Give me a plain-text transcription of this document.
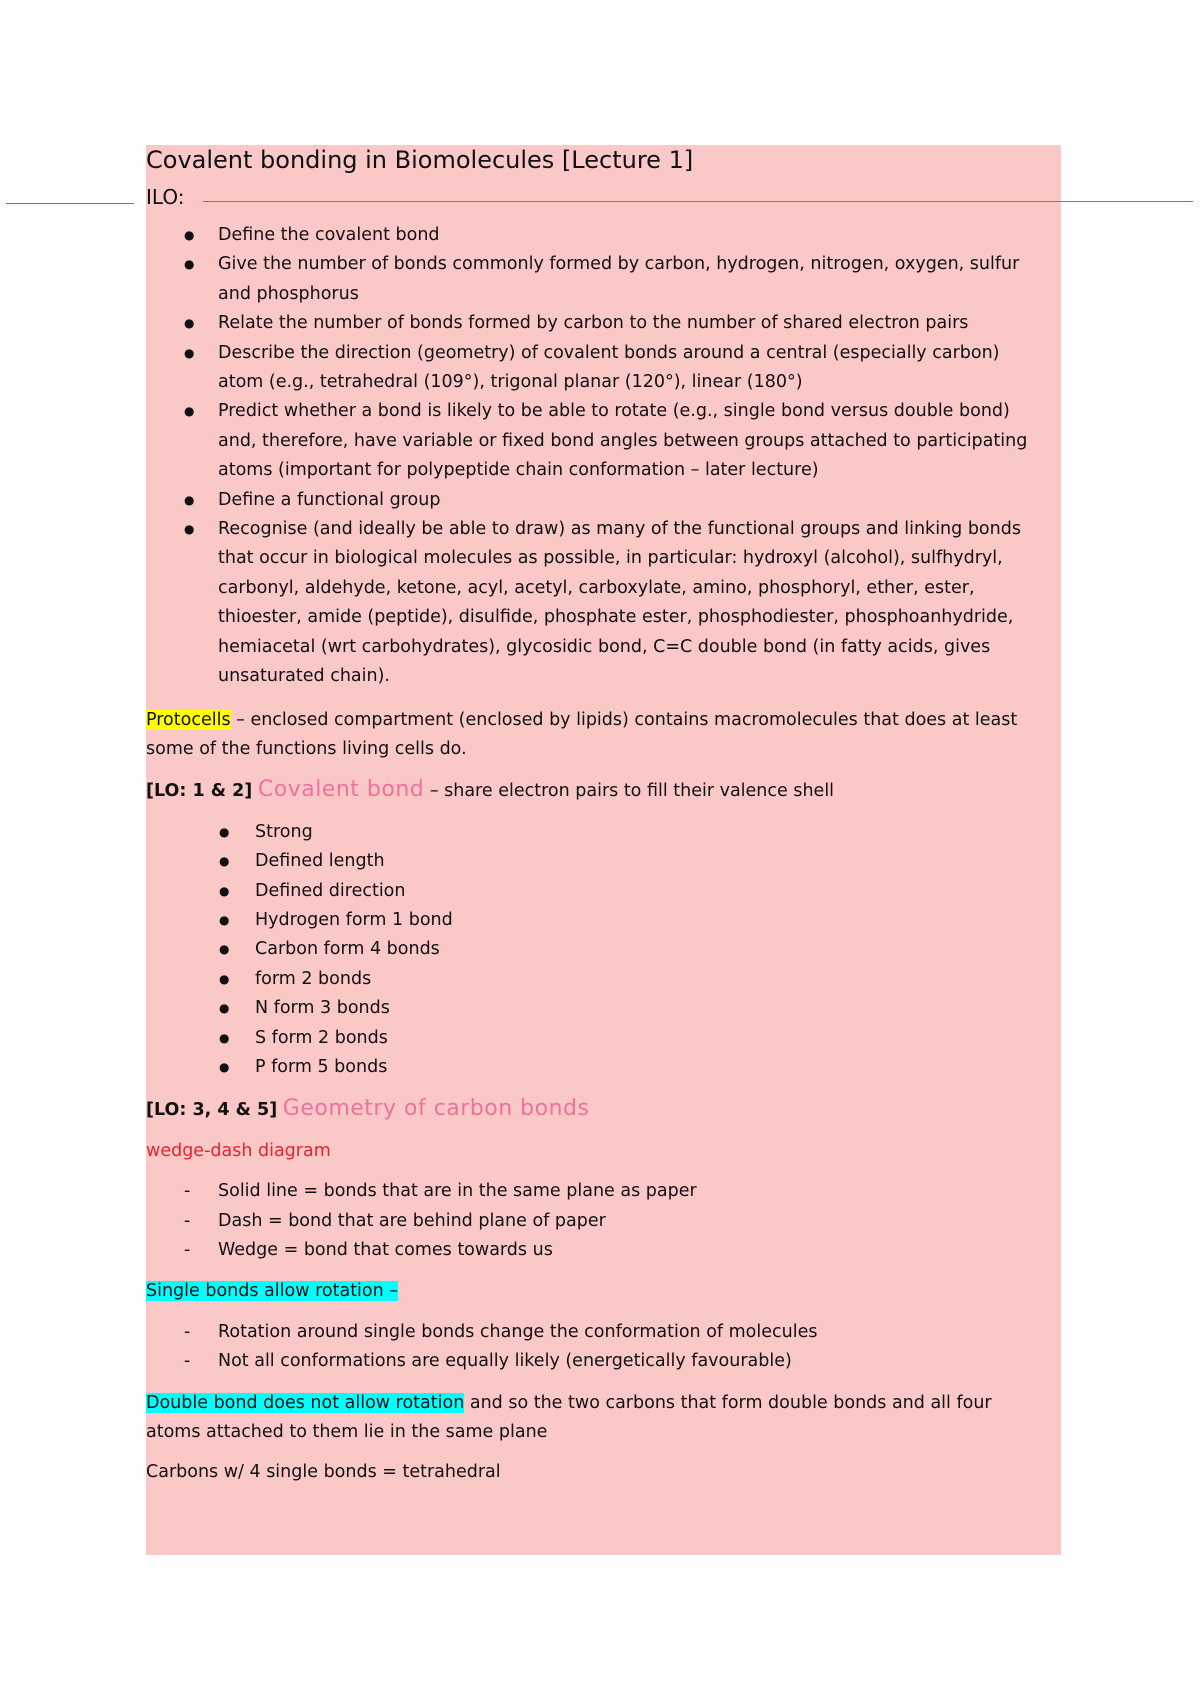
Covalent bonding in Biomolecules [Lecture 1]
ILO:
● Define the covalent bond
● Give the number of bonds commonly formed by carbon, hydrogen, nitrogen, oxygen, sulfur and phosphorus
● Relate the number of bonds formed by carbon to the number of shared electron pairs
● Describe the direction (geometry) of covalent bonds around a central (especially carbon) atom (e.g., tetrahedral (109°), trigonal planar (120°), linear (180°)
● Predict whether a bond is likely to be able to rotate (e.g., single bond versus double bond) and, therefore, have variable or fixed bond angles between groups attached to participating atoms (important for polypeptide chain conformation – later lecture)
● Define a functional group
● Recognise (and ideally be able to draw) as many of the functional groups and linking bonds that occur in biological molecules as possible, in particular: hydroxyl (alcohol), sulfhydryl, carbonyl, aldehyde, ketone, acyl, acetyl, carboxylate, amino, phosphoryl, ether, ester, thioester, amide (peptide), disulfide, phosphate ester, phosphodiester, phosphoanhydride, hemiacetal (wrt carbohydrates), glycosidic bond, C=C double bond (in fatty acids, gives unsaturated chain).

Protocells – enclosed compartment (enclosed by lipids) contains macromolecules that does at least some of the functions living cells do.

[LO: 1 & 2] Covalent bond – share electron pairs to fill their valence shell

● Strong
● Defined length
● Defined direction
● Hydrogen form 1 bond
● Carbon form 4 bonds
● form 2 bonds
● N form 3 bonds
● S form 2 bonds
● P form 5 bonds

[LO: 3, 4 & 5] Geometry of carbon bonds

wedge-dash diagram

- Solid line = bonds that are in the same plane as paper
- Dash = bond that are behind plane of paper
- Wedge = bond that comes towards us

Single bonds allow rotation –

- Rotation around single bonds change the conformation of molecules
- Not all conformations are equally likely (energetically favourable)

Double bond does not allow rotation and so the two carbons that form double bonds and all four atoms attached to them lie in the same plane

Carbons w/ 4 single bonds = tetrahedral
